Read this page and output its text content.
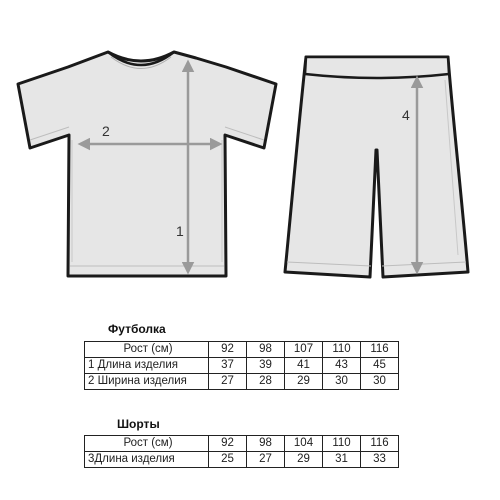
1
2
4
Футболка
Рост (см)	92	98	107	110	116
1 Длина изделия	37	39	41	43	45
2 Ширина изделия	27	28	29	30	30
Шорты
Рост (см)	92	98	104	110	116
3Длина изделия	25	27	29	31	33
